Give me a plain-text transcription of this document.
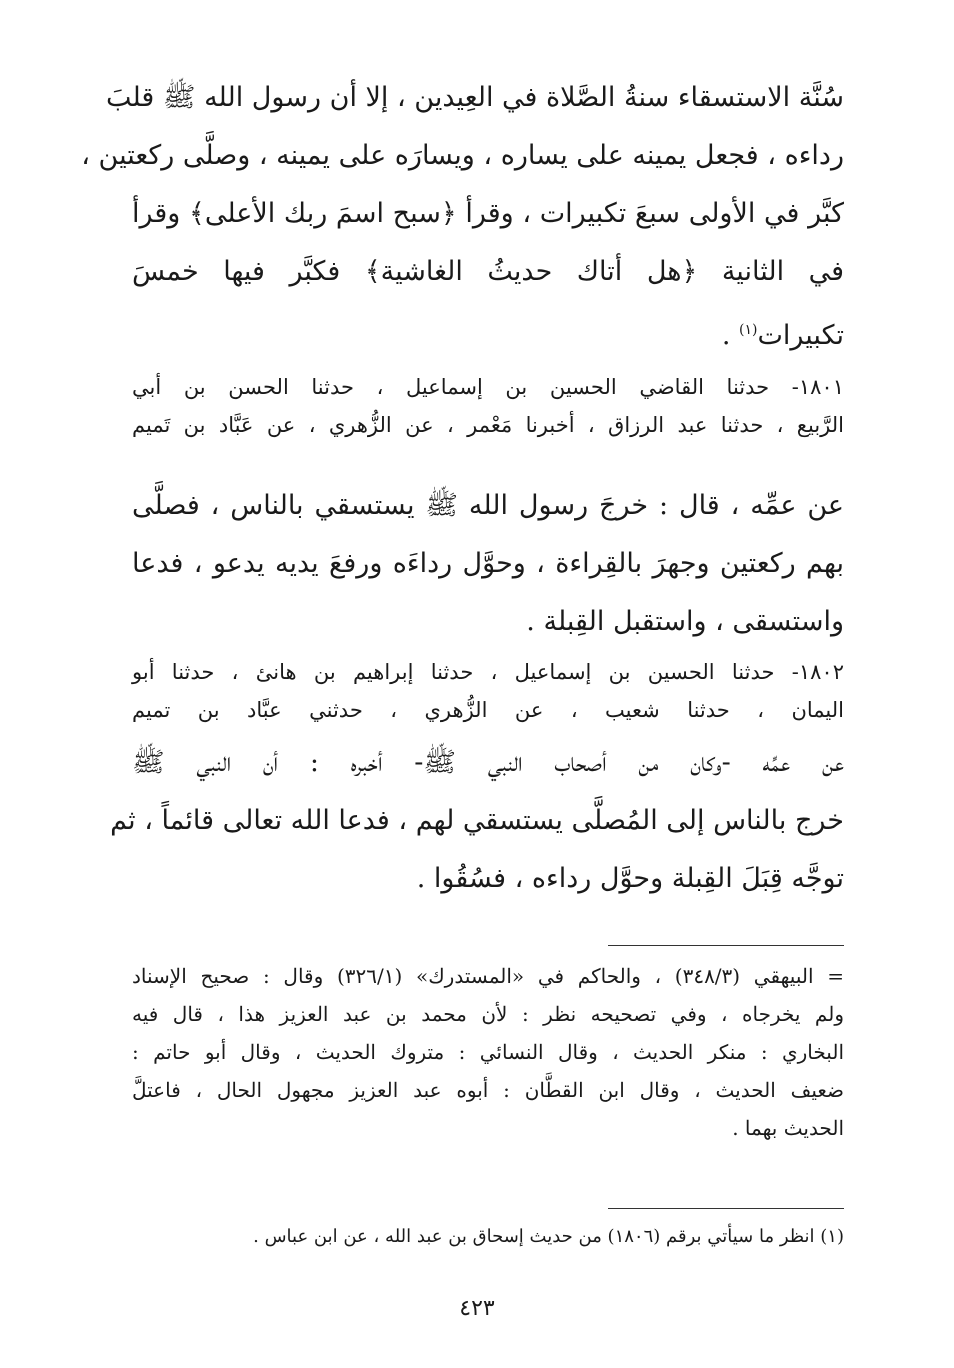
سُنَّة الاستسقاء سنةُ الصَّلاة في العِيدين ، إلا أن رسول الله ﷺ قلبَ
رداءه ، فجعل يمينه على يساره ، ويسارَه على يمينه ، وصلَّى ركعتين ،
كبَّر في الأولى سبعَ تكبيرات ، وقرأ ﴿سبح اسمَ ربك الأعلى﴾ وقرأ
في الثانية ﴿هل أتاك حديثُ الغاشية﴾ فكبَّر فيها خمسَ
تكبيرات$^{(١)}$ .
١٨٠١- حدثنا القاضي الحسين بن إسماعيل ، حدثنا الحسن بن أبي
الرَّبيع ، حدثنا عبد الرزاق ، أخبرنا مَعْمر ، عن الزُّهري ، عن عَبَّاد بن تَميم
عن عمِّه ، قال : خرجَ رسول الله ﷺ يستسقي بالناس ، فصلَّى
بهم ركعتين وجهرَ بالقِراءة ، وحوَّل رداءَه ورفعَ يديه يدعو ، فدعا
واستسقى ، واستقبل القِبلة .
١٨٠٢- حدثنا الحسين بن إسماعيل ، حدثنا إبراهيم بن هانئ ، حدثنا أبو
اليمان ، حدثنا شعيب ، عن الزُّهري ، حدثني عبَّاد بن تميم
عن عمِّه -وكان من أصحاب النبي ﷺ- أخبره : أن النبي ﷺ
خرج بالناس إلى المُصلَّى يستسقي لهم ، فدعا الله تعالى قائماً ، ثم
توجَّه قِبَلَ القِبلة وحوَّل رداءه ، فسُقُوا .
= البيهقي (٣٤٨/٣) ، والحاكم في «المستدرك» (٣٢٦/١) وقال : صحيح الإسناد
ولم يخرجاه ، وفي تصحيحه نظر : لأن محمد بن عبد العزيز هذا ، قال فيه
البخاري : منكر الحديث ، وقال النسائي : متروك الحديث ، وقال أبو حاتم :
ضعيف الحديث ، وقال ابن القطَّان : أبوه عبد العزيز مجهول الحال ، فاعتلَّ
الحديث بهما .
(١) انظر ما سيأتي برقم (١٨٠٦) من حديث إسحاق بن عبد الله ، عن ابن عباس .
٤٢٣
